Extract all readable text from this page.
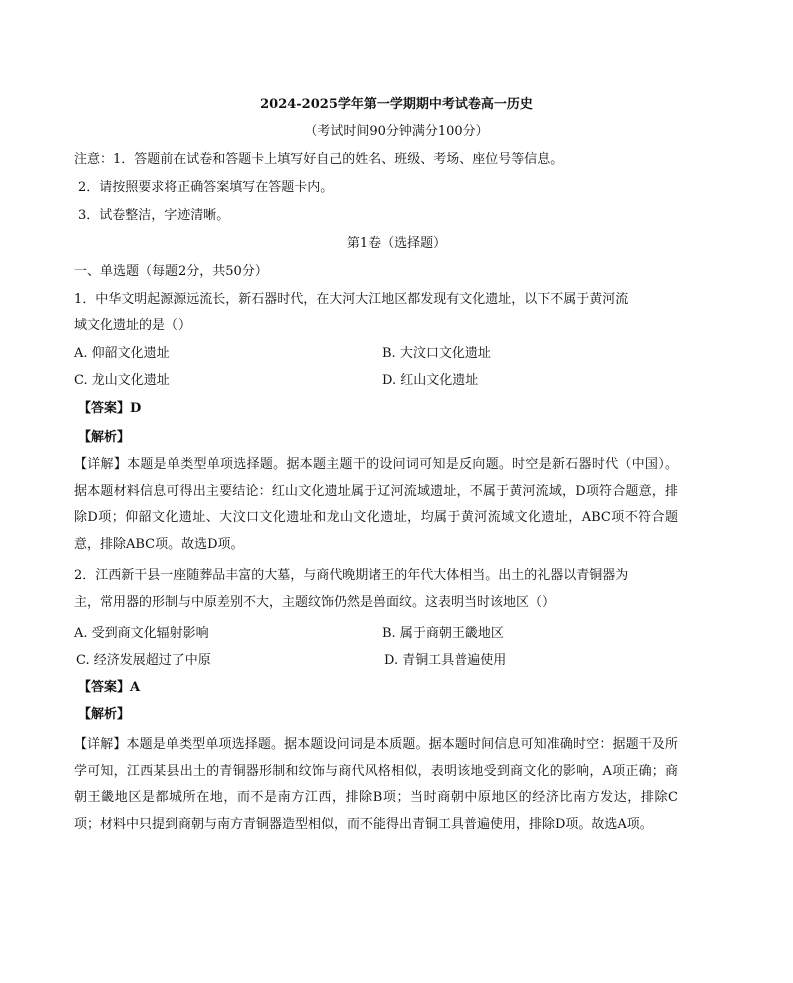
2024-2025学年第一学期期中考试卷高一历史
（考试时间90分钟满分100分）
注意：1．答题前在试卷和答题卡上填写好自己的姓名、班级、考场、座位号等信息。
2．请按照要求将正确答案填写在答题卡内。
3．试卷整洁，字迹清晰。
第1卷（选择题）
一、单选题（每题2分，共50分）
1．中华文明起源源远流长，新石器时代，在大河大江地区都发现有文化遗址，以下不属于黄河流
域文化遗址的是（）
A. 仰韶文化遗址	B. 大汶口文化遗址
C. 龙山文化遗址	D. 红山文化遗址
【答案】D
【解析】
【详解】本题是单类型单项选择题。据本题主题干的设问词可知是反向题。时空是新石器时代（中国）。据本题材料信息可得出主要结论：红山文化遗址属于辽河流域遗址，不属于黄河流域，D项符合题意，排除D项；仰韶文化遗址、大汶口文化遗址和龙山文化遗址，均属于黄河流域文化遗址，ABC项不符合题意，排除ABC项。故选D项。
2．江西新干县一座随葬品丰富的大墓，与商代晚期诸王的年代大体相当。出土的礼器以青铜器为
主，常用器的形制与中原差别不大，主题纹饰仍然是兽面纹。这表明当时该地区（）
A. 受到商文化辐射影响	B. 属于商朝王畿地区
C. 经济发展超过了中原	D. 青铜工具普遍使用
【答案】A
【解析】
【详解】本题是单类型单项选择题。据本题设问词是本质题。据本题时间信息可知准确时空：据题干及所学可知，江西某县出土的青铜器形制和纹饰与商代风格相似，表明该地受到商文化的影响，A项正确；商朝王畿地区是都城所在地，而不是南方江西，排除B项；当时商朝中原地区的经济比南方发达，排除C项；材料中只提到商朝与南方青铜器造型相似，而不能得出青铜工具普遍使用，排除D项。故选A项。
